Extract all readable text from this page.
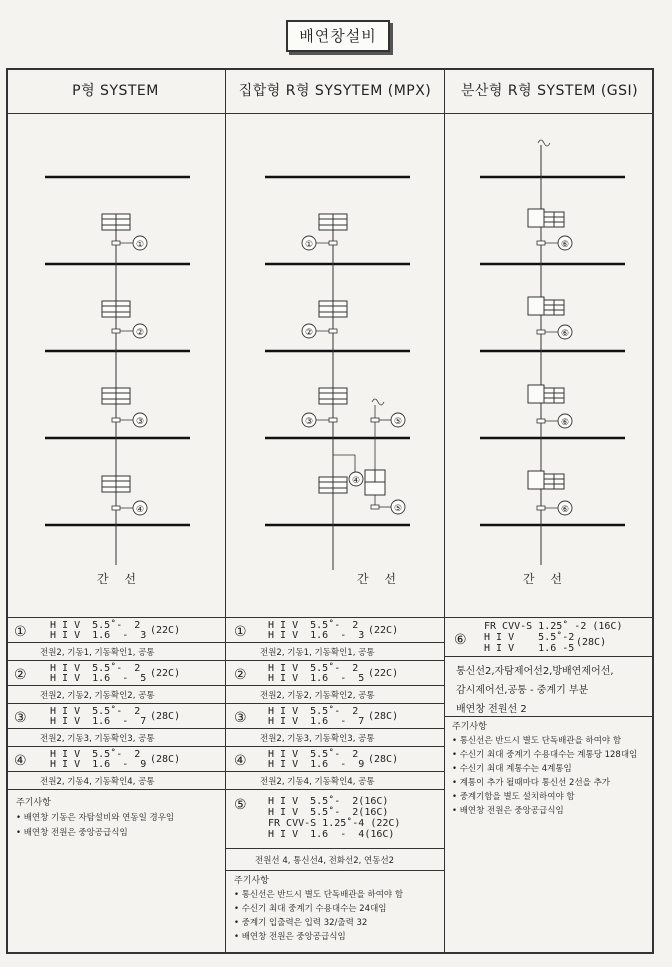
배연창설비
P형 SYSTEM	집합형 R형 SYSYTEM (MPX)	분산형 R형 SYSTEM (GSI)
①
②
③
④
①
②
③	⑤
④
⑤
⑥
⑥
⑥
⑥
간 선	간 선	간 선
① H I V  5.5˚-  2
H I V  1.6  -  3 (22C)
전원2, 기동1, 기동확인1, 공통
② H I V  5.5˚-  2
H I V  1.6  -  5 (22C)
전원2, 기동2, 기동확인2, 공통
③ H I V  5.5˚-  2
H I V  1.6  -  7 (28C)
전원2, 기동3, 기동확인3, 공통
④ H I V  5.5˚-  2
H I V  1.6  -  9 (28C)
전원2, 기동4, 기동확인4, 공통
주기사항
• 배연창 기동은 자탐설비와 연동일 경우임
• 배연창 전원은 중앙공급식임
① H I V  5.5˚-  2
H I V  1.6  -  3 (22C)
전원2, 기동1, 기동확인1, 공통
② H I V  5.5˚-  2
H I V  1.6  -  5 (22C)
전원2, 기동2, 기동확인2, 공통
③ H I V  5.5˚-  2
H I V  1.6  -  7 (28C)
전원2, 기동3, 기동확인3, 공통
④ H I V  5.5˚-  2
H I V  1.6  -  9 (28C)
전원2, 기동4, 기동확인4, 공통
⑤ H I V  5.5˚-  2(16C)
H I V  5.5˚-  2(16C)
FR CVV-S 1.25˚-4 (22C)
H I V  1.6  -  4(16C)
전원선 4, 통신선4, 전화선2, 연동선2
주기사항
• 통신선은 반드시 별도 단독배관을 하여야 함
• 수신기 최대 중계기 수용대수는 24대임
• 중계기 입출력은 입력 32/출력 32
• 배연창 전원은 중앙공급식임
⑥
FR CVV-S 1.25˚ -2 (16C)
H I V    5.5˚-2
H I V    1.6 -5
(28C)
통신선2,자탐제어선2,방배연제어선,
감시제어선,공통 - 중계기 부분
배연창 전원선 2
주기사항
• 통신선은 반드시 별도 단독배관을 하여야 함
• 수신기 최대 중계기 수용대수는 계통당 128대임
• 수신기 최대 계통수는 4계통임
• 계통이 추가 될때마다 통신선 2선을 추가
• 중계기함을 별도 설치하여야 함
• 배연창 전원은 중앙공급식임
